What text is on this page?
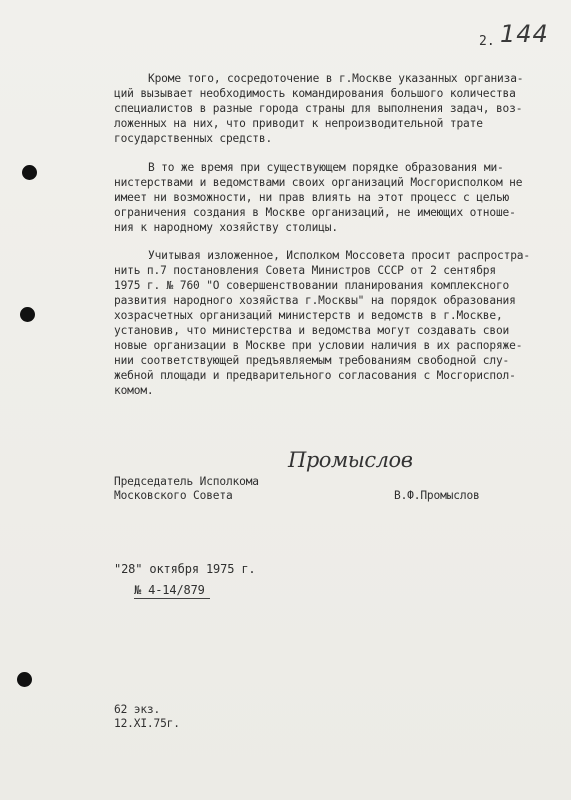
2. 144
Кроме того, сосредоточение в г.Москве указанных организа-
ций вызывает необходимость командирования большого количества
специалистов в разные города страны для выполнения задач, воз-
ложенных на них, что приводит к непроизводительной трате
государственных средств.
В то же время при существующем порядке образования ми-
нистерствами и ведомствами своих организаций Мосгорисполком не
имеет ни возможности, ни прав влиять на этот процесс с целью
ограничения создания в Москве организаций, не имеющих отноше-
ния к народному хозяйству столицы.
Учитывая изложенное, Исполком Моссовета просит распростра-
нить п.7 постановления Совета Министров СССР от 2 сентября
1975 г. № 760 "О совершенствовании планирования комплексного
развития народного хозяйства г.Москвы" на порядок образования
хозрасчетных организаций министерств и ведомств в г.Москве,
установив, что министерства и ведомства могут создавать свои
новые организации в Москве при условии наличия в их распоряже-
нии соответствующей предъявляемым требованиям свободной слу-
жебной площади и предварительного согласования с Мосгориспол-
комом.
Промыслов
Председатель Исполкома
Московского Совета	В.Ф.Промыслов
"28" октября 1975 г.
№ 4-14/879
62 экз.
12.XI.75г.
